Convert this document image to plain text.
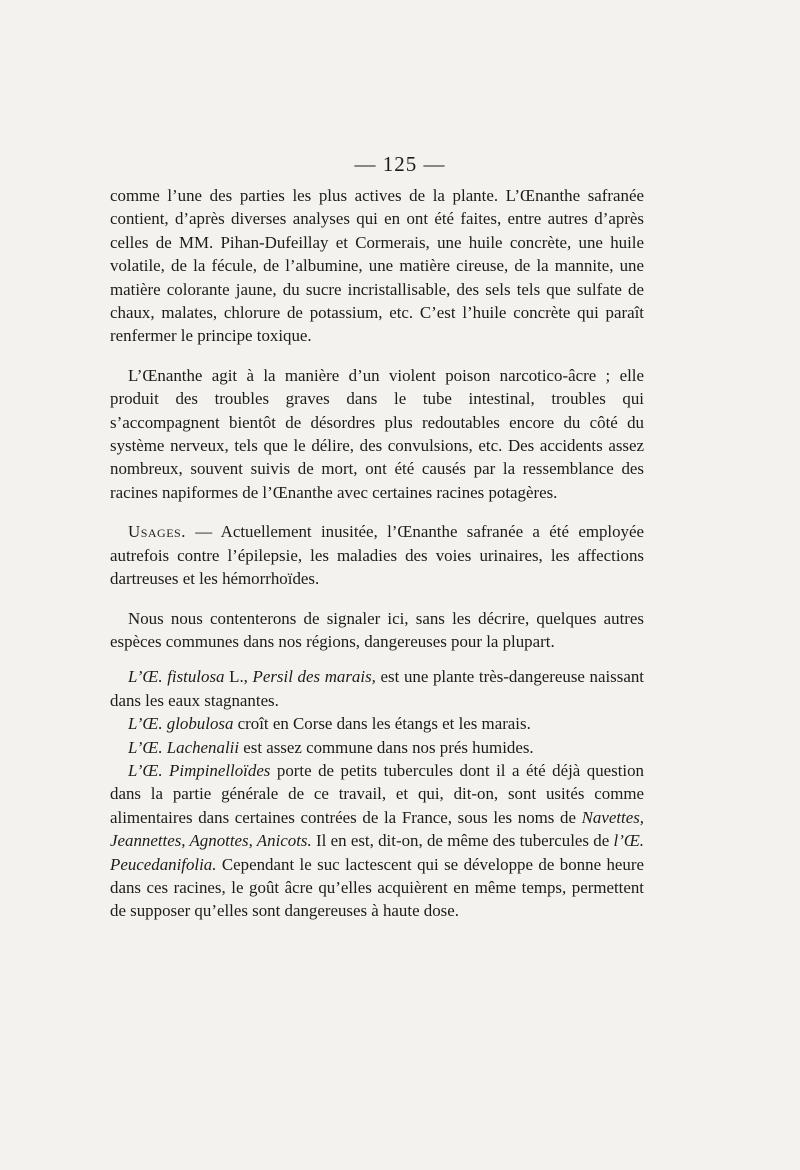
— 125 —

comme l’une des parties les plus actives de la plante. L’Œnanthe safranée contient, d’après diverses analyses qui en ont été faites, entre autres d’après celles de MM. Pihan-Dufeillay et Cormerais, une huile concrète, une huile volatile, de la fécule, de l’albumine, une matière cireuse, de la mannite, une matière colorante jaune, du sucre incristallisable, des sels tels que sulfate de chaux, malates, chlorure de potassium, etc. C’est l’huile concrète qui paraît renfermer le principe toxique.

L’Œnanthe agit à la manière d’un violent poison narcotico-âcre ; elle produit des troubles graves dans le tube intestinal, troubles qui s’accompagnent bientôt de désordres plus redoutables encore du côté du système nerveux, tels que le délire, des convulsions, etc. Des accidents assez nombreux, souvent suivis de mort, ont été causés par la ressemblance des racines napiformes de l’Œnanthe avec certaines racines potagères.

Usages. — Actuellement inusitée, l’Œnanthe safranée a été employée autrefois contre l’épilepsie, les maladies des voies urinaires, les affections dartreuses et les hémorrhoïdes.

Nous nous contenterons de signaler ici, sans les décrire, quelques autres espèces communes dans nos régions, dangereuses pour la plupart.

L’Œ. fistulosa L., Persil des marais, est une plante très-dangereuse naissant dans les eaux stagnantes.

L’Œ. globulosa croît en Corse dans les étangs et les marais.

L’Œ. Lachenalii est assez commune dans nos prés humides.

L’Œ. Pimpinelloïdes porte de petits tubercules dont il a été déjà question dans la partie générale de ce travail, et qui, dit-on, sont usités comme alimentaires dans certaines contrées de la France, sous les noms de Navettes, Jeannettes, Agnottes, Anicots. Il en est, dit-on, de même des tubercules de l’Œ. Peucedanifolia. Cependant le suc lactescent qui se développe de bonne heure dans ces racines, le goût âcre qu’elles acquièrent en même temps, permettent de supposer qu’elles sont dangereuses à haute dose.
